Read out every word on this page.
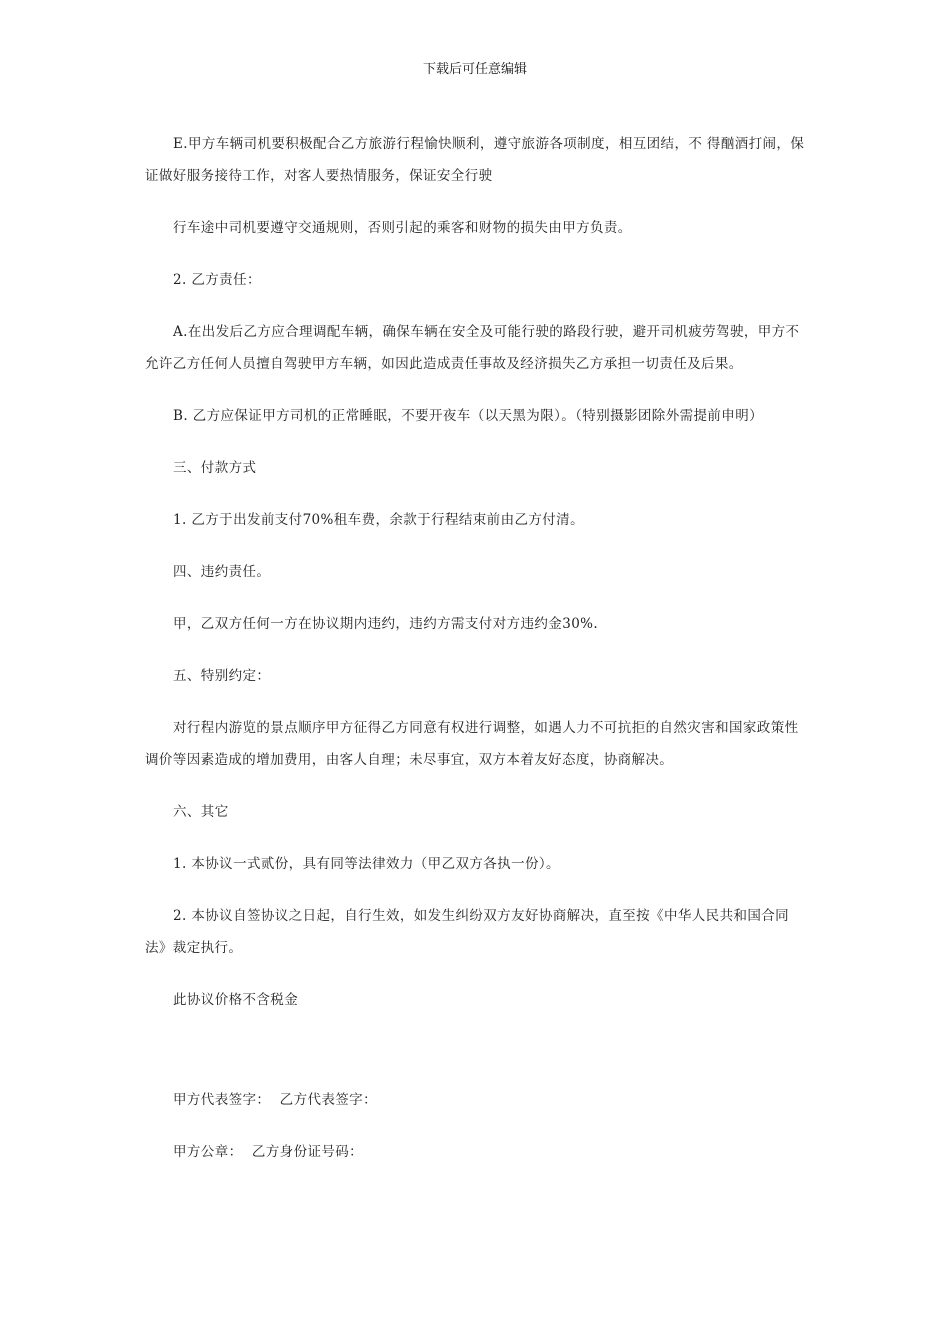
下载后可任意编辑

E.甲方车辆司机要积极配合乙方旅游行程愉快顺利，遵守旅游各项制度，相互团结，不 得酗酒打闹，保证做好服务接待工作，对客人要热情服务，保证安全行驶

行车途中司机要遵守交通规则，否则引起的乘客和财物的损失由甲方负责。

2. 乙方责任：

A.在出发后乙方应合理调配车辆，确保车辆在安全及可能行驶的路段行驶，避开司机疲劳驾驶，甲方不允许乙方任何人员擅自驾驶甲方车辆，如因此造成责任事故及经济损失乙方承担一切责任及后果。

B. 乙方应保证甲方司机的正常睡眠，不要开夜车（以天黑为限）。（特别摄影团除外需提前申明）

三、付款方式

1. 乙方于出发前支付70%租车费，余款于行程结束前由乙方付清。

四、违约责任。

甲，乙双方任何一方在协议期内违约，违约方需支付对方违约金30%.

五、特别约定：

对行程内游览的景点顺序甲方征得乙方同意有权进行调整，如遇人力不可抗拒的自然灾害和国家政策性调价等因素造成的增加费用，由客人自理；未尽事宜，双方本着友好态度，协商解决。

六、其它

1. 本协议一式贰份，具有同等法律效力（甲乙双方各执一份）。

2. 本协议自签协议之日起，自行生效，如发生纠纷双方友好协商解决，直至按《中华人民共和国合同法》裁定执行。

此协议价格不含税金

甲方代表签字：  乙方代表签字：

甲方公章：  乙方身份证号码：
